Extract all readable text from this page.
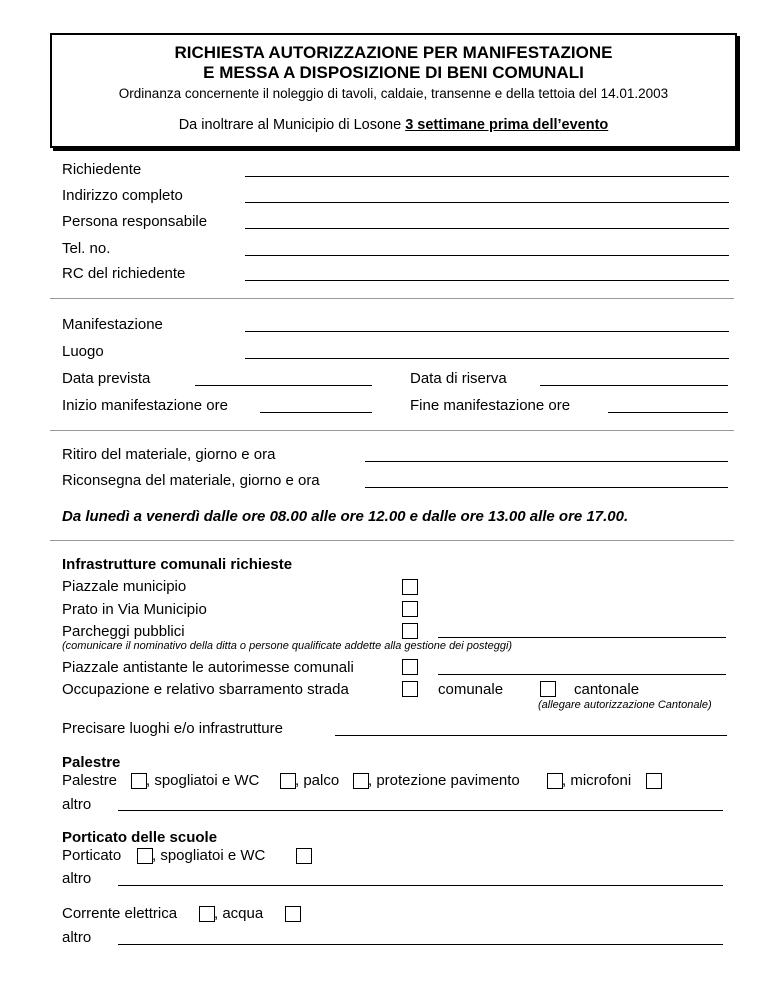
RICHIESTA AUTORIZZAZIONE PER MANIFESTAZIONE
E MESSA A DISPOSIZIONE DI BENI COMUNALI
Ordinanza concernente il noleggio di tavoli, caldaie, transenne e della tettoia del 14.01.2003
Da inoltrare al Municipio di Losone 3 settimane prima dell’evento
Richiedente
Indirizzo completo
Persona responsabile
Tel. no.
RC del richiedente
Manifestazione
Luogo
Data prevista	Data di riserva
Inizio manifestazione ore	Fine manifestazione ore
Ritiro del materiale, giorno e ora
Riconsegna del materiale, giorno e ora
Da lunedì a venerdì dalle ore 08.00 alle ore 12.00 e dalle ore 13.00 alle ore 17.00.
Infrastrutture comunali richieste
Piazzale municipio
Prato in Via Municipio
Parcheggi pubblici
(comunicare il nominativo della ditta o persone qualificate addette alla gestione dei posteggi)
Piazzale antistante le autorimesse comunali
Occupazione e relativo sbarramento strada	comunale	cantonale
(allegare autorizzazione Cantonale)
Precisare luoghi e/o infrastrutture
Palestre
Palestre , spogliatoi e WC , palco , protezione pavimento	, microfoni
altro
Porticato delle scuole
Porticato , spogliatoi e WC
altro
Corrente elettrica , acqua
altro
